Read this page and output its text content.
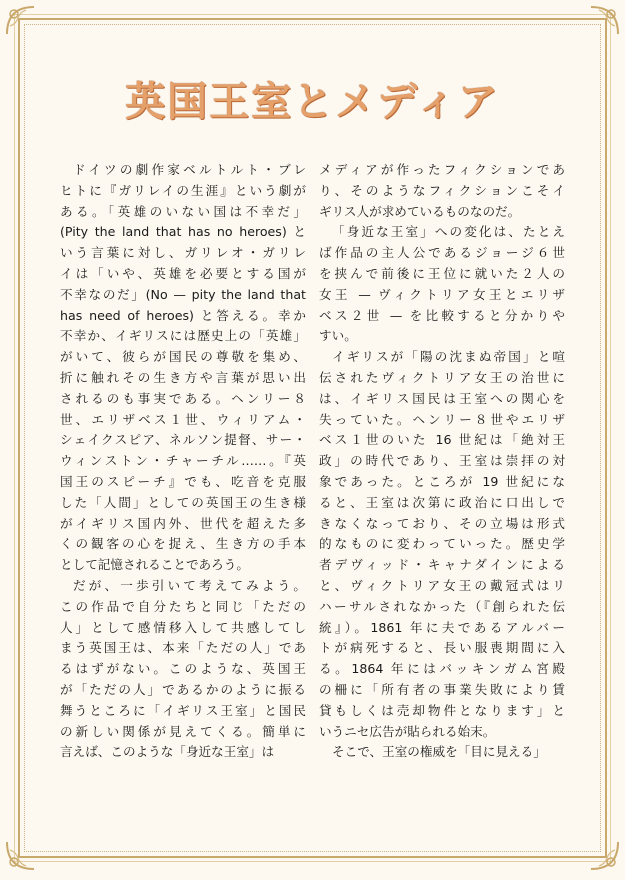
英国王室とメディア
ドイツの劇作家ベルトルト・ブレ
ヒトに『ガリレイの生涯』という劇が
ある。「英雄のいない国は不幸だ」
(Pity the land that has no heroes) と
いう言葉に対し、ガリレオ・ガリレ
イは「いや、英雄を必要とする国が
不幸なのだ」(No — pity the land that
has need of heroes) と答える。幸か
不幸か、イギリスには歴史上の「英雄」
がいて、彼らが国民の尊敬を集め、
折に触れその生き方や言葉が思い出
されるのも事実である。ヘンリー８
世、エリザベス１世、ウィリアム・
シェイクスピア、ネルソン提督、サー・
ウィンストン・チャーチル……。『英
国王のスピーチ』でも、吃音を克服
した「人間」としての英国王の生き様
がイギリス国内外、世代を超えた多
くの観客の心を捉え、生き方の手本
として記憶されることであろう。
だが、一歩引いて考えてみよう。
この作品で自分たちと同じ「ただの
人」として感情移入して共感してし
まう英国王は、本来「ただの人」であ
るはずがない。このような、英国王
が「ただの人」であるかのように振る
舞うところに「イギリス王室」と国民
の新しい関係が見えてくる。簡単に
言えば、このような「身近な王室」は
メディアが作ったフィクションであ
り、そのようなフィクションこそイ
ギリス人が求めているものなのだ。
「身近な王室」への変化は、たとえ
ば作品の主人公であるジョージ６世
を挟んで前後に王位に就いた２人の
女王 — ヴィクトリア女王とエリザ
ベス２世 — を比較すると分かりや
すい。
イギリスが「陽の沈まぬ帝国」と喧
伝されたヴィクトリア女王の治世に
は、イギリス国民は王室への関心を
失っていた。ヘンリー８世やエリザ
ベス１世のいた 16 世紀は「絶対王
政」の時代であり、王室は崇拝の対
象であった。ところが 19 世紀にな
ると、王室は次第に政治に口出しで
きなくなっており、その立場は形式
的なものに変わっていった。歴史学
者デヴィッド・キャナダインによる
と、ヴィクトリア女王の戴冠式はリ
ハーサルされなかった（『創られた伝
統』）。1861 年に夫であるアルバー
トが病死すると、長い服喪期間に入
る。1864 年にはバッキンガム宮殿
の柵に「所有者の事業失敗により賃
貸もしくは売却物件となります」と
いうニセ広告が貼られる始末。
そこで、王室の権威を「目に見える」
